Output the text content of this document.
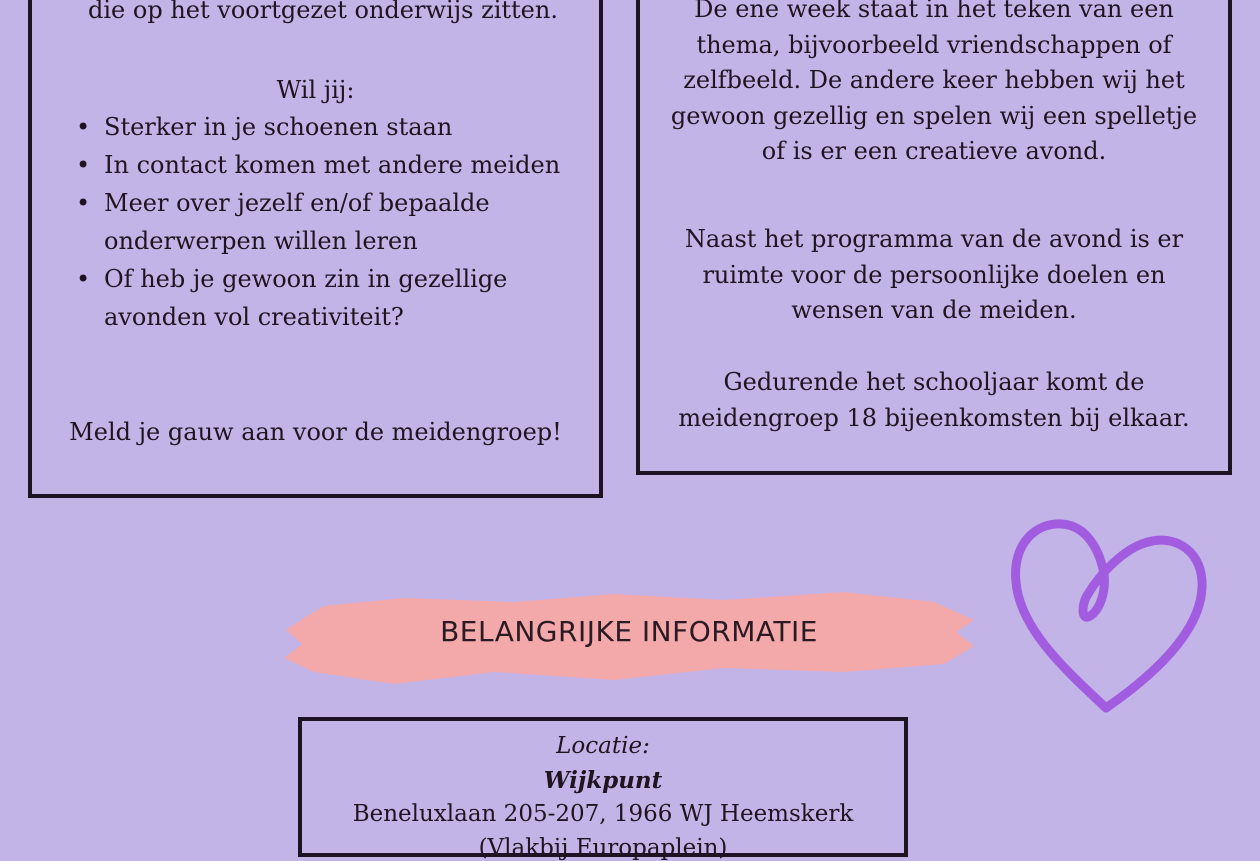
die op het voortgezet onderwijs zitten.
Wil jij:
• Sterker in je schoenen staan
• In contact komen met andere meiden
• Meer over jezelf en/of bepaalde onderwerpen willen leren
• Of heb je gewoon zin in gezellige avonden vol creativiteit?
Meld je gauw aan voor de meidengroep!
De ene week staat in het teken van een thema, bijvoorbeeld vriendschappen of zelfbeeld. De andere keer hebben wij het gewoon gezellig en spelen wij een spelletje of is er een creatieve avond.
Naast het programma van de avond is er ruimte voor de persoonlijke doelen en wensen van de meiden.
Gedurende het schooljaar komt de meidengroep 18 bijeenkomsten bij elkaar.
BELANGRIJKE INFORMATIE
Locatie:
Wijkpunt
Beneluxlaan 205-207, 1966 WJ Heemskerk
(Vlakbij Europaplein)
